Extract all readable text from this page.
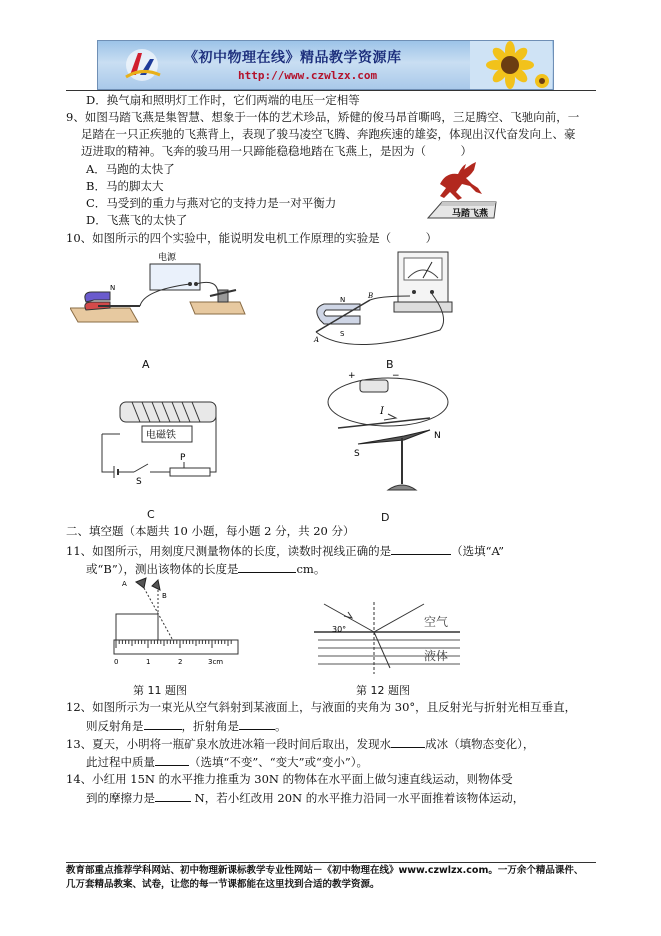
《初中物理在线》精品教学资源库
http://www.czwlzx.com
D．换气扇和照明灯工作时，它们两端的电压一定相等
9、如图马踏飞燕是集智慧、想象于一体的艺术珍品，矫健的俊马昂首嘶鸣，三足腾空、飞驰向前，一
足踏在一只正疾驰的飞燕背上，表现了骏马凌空飞腾、奔跑疾速的雄姿，体现出汉代奋发向上、豪
迈进取的精神。飞奔的骏马用一只蹄能稳稳地踏在飞燕上，是因为（　　　）
A．马跑的太快了
B．马的脚太大
C．马受到的重力与燕对它的支持力是一对平衡力
D．飞燕飞的太快了	马踏飞燕
10、如图所示的四个实验中，能说明发电机工作原理的实验是（　　　）
电源
N
A
N
S
A
B
B
电磁铁
S
P
C
+	−
I
N
S
D
二、填空题（本题共 10 小题，每小题 2 分，共 20 分）
11、如图所示，用刻度尺测量物体的长度，读数时视线正确的是	（选填“A”
或“B”），测出该物体的长度是	cm。
A
B
0	1	2	3cm
第 11 题图
30°
空气
液体
第 12 题图
12、如图所示为一束光从空气斜射到某液面上，与液面的夹角为 30°，且反射光与折射光相互垂直，
则反射角是	，折射角是	。
13、夏天，小明将一瓶矿泉水放进冰箱一段时间后取出，发现水	成冰（填物态变化），
此过程中质量	（选填“不变”、“变大”或“变小”）。
14、小红用 15N 的水平推力推重为 30N 的物体在水平面上做匀速直线运动，则物体受
到的摩擦力是	N，若小红改用 20N 的水平推力沿同一水平面推着该物体运动，
教育部重点推荐学科网站、初中物理新课标教学专业性网站－《初中物理在线》www.czwlzx.com。一万余个精品课件、
几万套精品教案、试卷，让您的每一节课都能在这里找到合适的教学资源。
